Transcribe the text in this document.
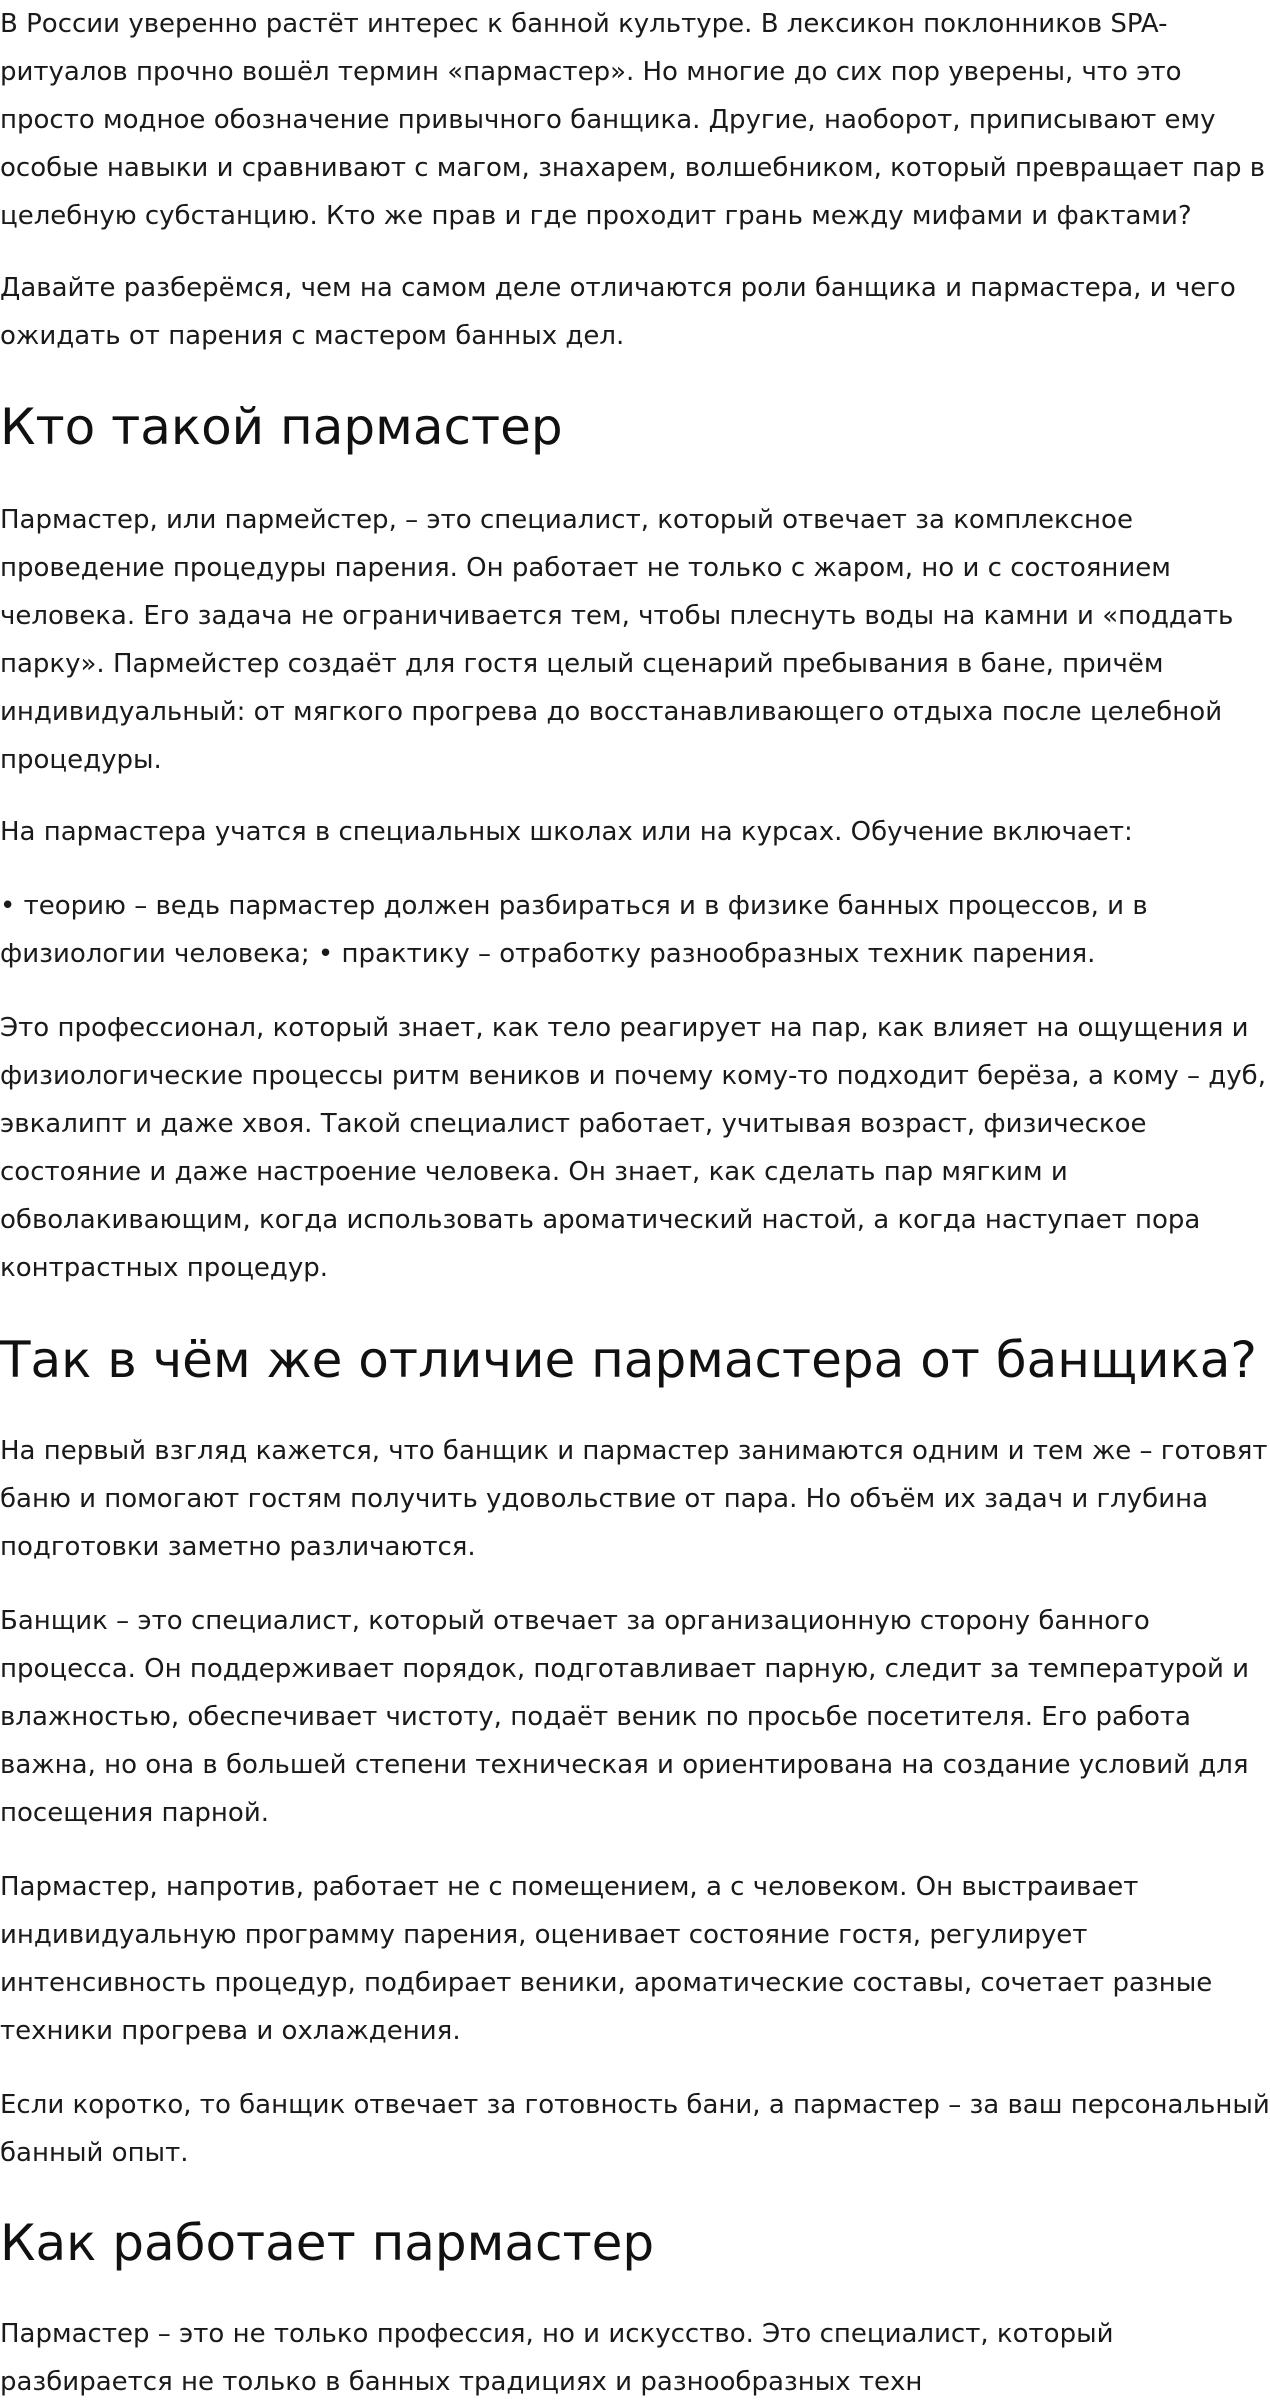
В России уверенно растёт интерес к банной культуре. В лексикон поклонников SPA-
ритуалов прочно вошёл термин «пармастер». Но многие до сих пор уверены, что это
просто модное обозначение привычного банщика. Другие, наоборот, приписывают ему
особые навыки и сравнивают с магом, знахарем, волшебником, который превращает пар в
целебную субстанцию. Кто же прав и где проходит грань между мифами и фактами?

Давайте разберёмся, чем на самом деле отличаются роли банщика и пармастера, и чего
ожидать от парения с мастером банных дел.

Кто такой пармастер

Пармастер, или пармейстер, – это специалист, который отвечает за комплексное
проведение процедуры парения. Он работает не только с жаром, но и с состоянием
человека. Его задача не ограничивается тем, чтобы плеснуть воды на камни и «поддать
парку». Пармейстер создаёт для гостя целый сценарий пребывания в бане, причём
индивидуальный: от мягкого прогрева до восстанавливающего отдыха после целебной
процедуры.

На пармастера учатся в специальных школах или на курсах. Обучение включает:

• теорию – ведь пармастер должен разбираться и в физике банных процессов, и в
физиологии человека; • практику – отработку разнообразных техник парения.

Это профессионал, который знает, как тело реагирует на пар, как влияет на ощущения и
физиологические процессы ритм веников и почему кому-то подходит берёза, а кому – дуб,
эвкалипт и даже хвоя. Такой специалист работает, учитывая возраст, физическое
состояние и даже настроение человека. Он знает, как сделать пар мягким и
обволакивающим, когда использовать ароматический настой, а когда наступает пора
контрастных процедур.

Так в чём же отличие пармастера от банщика?

На первый взгляд кажется, что банщик и пармастер занимаются одним и тем же – готовят
баню и помогают гостям получить удовольствие от пара. Но объём их задач и глубина
подготовки заметно различаются.

Банщик – это специалист, который отвечает за организационную сторону банного
процесса. Он поддерживает порядок, подготавливает парную, следит за температурой и
влажностью, обеспечивает чистоту, подаёт веник по просьбе посетителя. Его работа
важна, но она в большей степени техническая и ориентирована на создание условий для
посещения парной.

Пармастер, напротив, работает не с помещением, а с человеком. Он выстраивает
индивидуальную программу парения, оценивает состояние гостя, регулирует
интенсивность процедур, подбирает веники, ароматические составы, сочетает разные
техники прогрева и охлаждения.

Если коротко, то банщик отвечает за готовность бани, а пармастер – за ваш персональный
банный опыт.

Как работает пармастер

Пармастер – это не только профессия, но и искусство. Это специалист, который
разбирается не только в банных традициях и разнообразных техн
